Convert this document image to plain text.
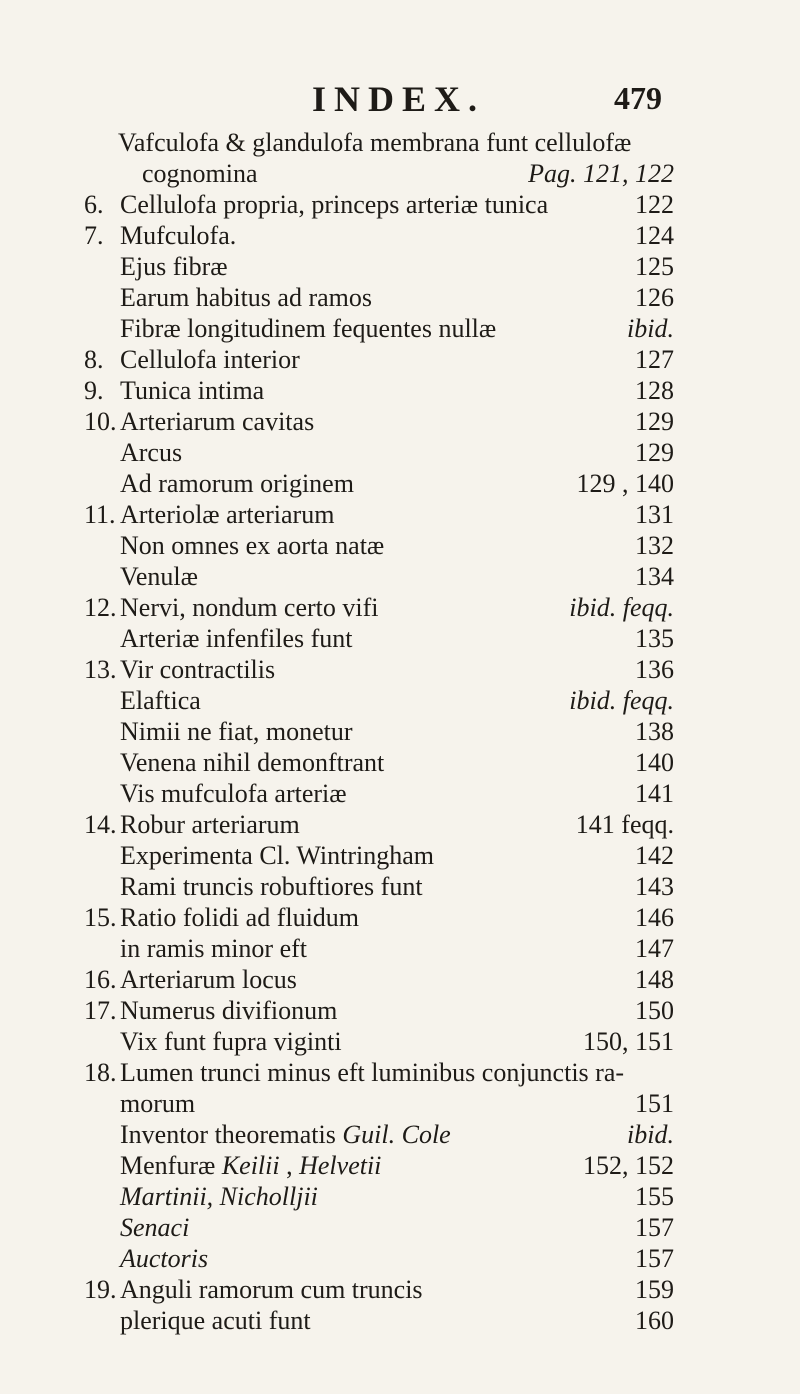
INDEX.	479
Vafculofa & glandulofa membrana funt cellulofæ
cognomina	Pag. 121, 122
6. Cellulofa propria, princeps arteriæ tunica	122
7. Mufculofa.	124
Ejus fibræ	125
Earum habitus ad ramos	126
Fibræ longitudinem fequentes nullæ	ibid.
8. Cellulofa interior	127
9. Tunica intima	128
10. Arteriarum cavitas	129
Arcus	129
Ad ramorum originem	129 , 140
11. Arteriolæ arteriarum	131
Non omnes ex aorta natæ	132
Venulæ	134
12. Nervi, nondum certo vifi	ibid. feqq.
Arteriæ infenfiles funt	135
13. Vir contractilis	136
Elaftica	ibid. feqq.
Nimii ne fiat, monetur	138
Venena nihil demonftrant	140
Vis mufculofa arteriæ	141
14. Robur arteriarum	141 feqq.
Experimenta Cl. Wintringham	142
Rami truncis robuftiores funt	143
15. Ratio folidi ad fluidum	146
in ramis minor eft	147
16. Arteriarum locus	148
17. Numerus divifionum	150
Vix funt fupra viginti	150, 151
18. Lumen trunci minus eft luminibus conjunctis ra-
morum	151
Inventor theorematis Guil. Cole	ibid.
Menfuræ Keilii , Helvetii	152, 152
Martinii, Nicholljii	155
Senaci	157
Auctoris	157
19. Anguli ramorum cum truncis	159
plerique acuti funt	160
